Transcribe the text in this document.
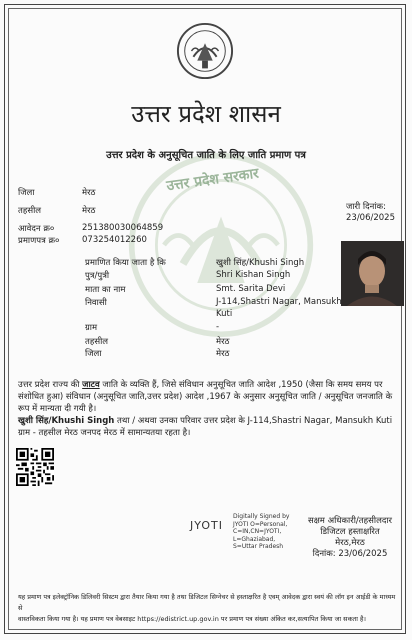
उत्तर प्रदेश सरकार
उत्तर प्रदेश शासन
उत्तर प्रदेश के अनुसूचित जाति के लिए जाति प्रमाण पत्र
जिला	मेरठ
तहसील	मेरठ
आवेदन क्र०	251380030064859
प्रमाणपत्र क्र०	073254012260
जारी दिनांक:
23/06/2025
प्रमाणित किया जाता है कि	खुशी सिंह/Khushi Singh
पुत्र/पुत्री	Shri Kishan Singh
माता का नाम	Smt. Sarita Devi
निवासी	J-114,Shastri Nagar, Mansukh
Kuti
ग्राम	-
तहसील	मेरठ
जिला	मेरठ
उत्तर प्रदेश राज्य की जाटव जाति के व्यक्ति हैं, जिसे संविधान अनुसूचित जाति आदेश ,1950 (जैसा कि समय समय पर
संशोधित हुआ) संविधान (अनुसूचित जाति,उत्तर प्रदेश) आदेश ,1967 के अनुसार अनुसूचित जाति / अनुसूचित जनजाति के
रूप में मान्यता दी गयी है।
खुशी सिंह/Khushi Singh तथा / अथवा उनका परिवार उत्तर प्रदेश के J-114,Shastri Nagar, Mansukh Kuti
ग्राम - तहसील मेरठ जनपद मेरठ में सामान्यतया रहता है।
JYOTI
Digitally Signed by
JYOTI O=Personal,
C=IN,CN=JYOTI,
L=Ghaziabad,
S=Uttar Pradesh
सक्षम अधिकारी/तहसीलदार
डिजिटल हस्ताक्षरित
मेरठ,मेरठ
दिनांक: 23/06/2025
यह प्रमाण पत्र इलेक्ट्रॉनिक डिलिवरी सिस्टम द्वारा तैयार किया गया है तथा डिजिटल सिग्नेचर से हस्ताक्षरित है एवम् आवेदक द्वारा स्वयं की लॉग इन आईडी के माध्यम से
वास्तविकता किया गया है। यह प्रमाण पत्र वेबसाइट https://edistrict.up.gov.in पर प्रमाण पत्र संख्या अंकित कर,सत्यापित किया जा सकता है।
